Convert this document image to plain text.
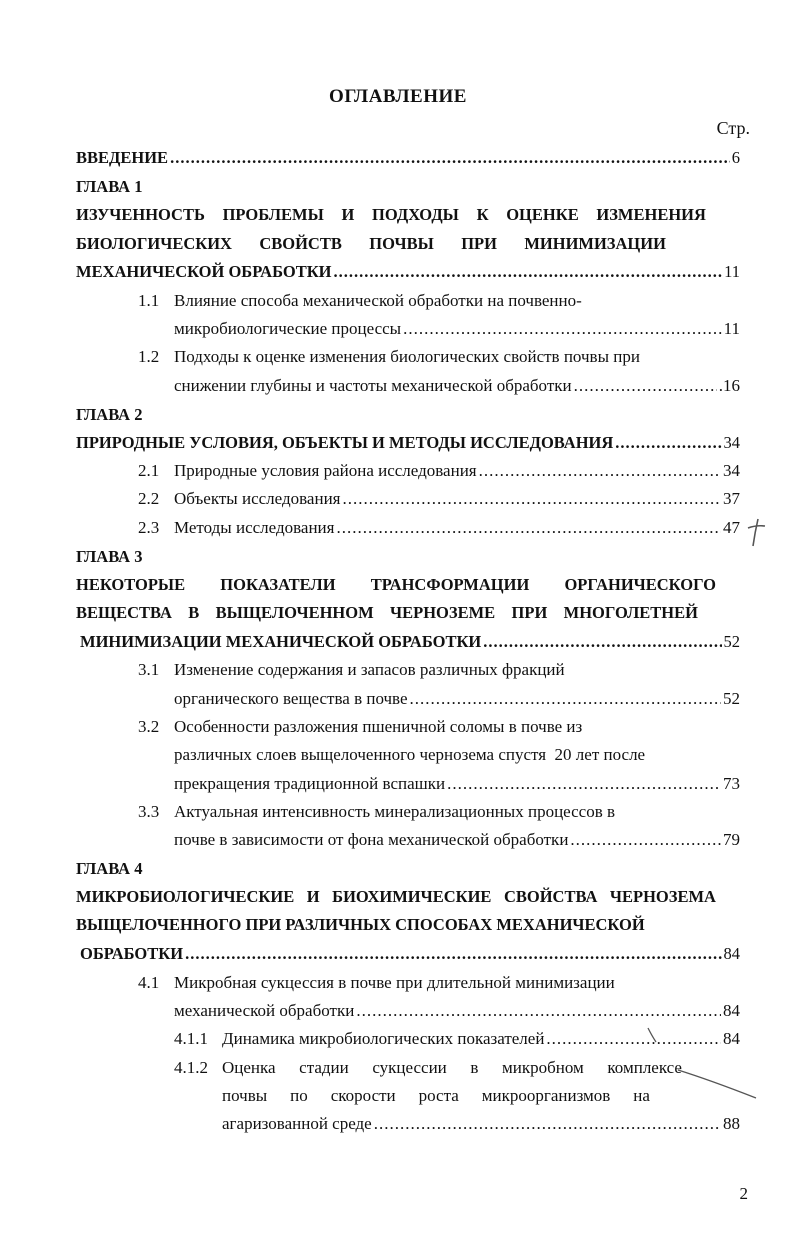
ОГЛАВЛЕНИЕ
Стр.
ВВЕДЕНИЕ .....	6
ГЛАВА 1
ИЗУЧЕННОСТЬ ПРОБЛЕМЫ И ПОДХОДЫ К ОЦЕНКЕ ИЗМЕНЕНИЯ
БИОЛОГИЧЕСКИХ СВОЙСТВ ПОЧВЫ ПРИ МИНИМИЗАЦИИ
МЕХАНИЧЕСКОЙ ОБРАБОТКИ .....	11
1.1 Влияние способа механической обработки на почвенно-
микробиологические процессы .....	11
1.2 Подходы к оценке изменения биологических свойств почвы при
снижении глубины и частоты механической обработки .....	.16
ГЛАВА 2
ПРИРОДНЫЕ УСЛОВИЯ, ОБЪЕКТЫ И МЕТОДЫ ИССЛЕДОВАНИЯ .....	34
2.1 Природные условия района исследования .....	34
2.2 Объекты исследования .....	37
2.3 Методы исследования .....	47
ГЛАВА 3
НЕКОТОРЫЕ ПОКАЗАТЕЛИ ТРАНСФОРМАЦИИ ОРГАНИЧЕСКОГО
ВЕЩЕСТВА В ВЫЩЕЛОЧЕННОМ ЧЕРНОЗЕМЕ ПРИ МНОГОЛЕТНЕЙ
МИНИМИЗАЦИИ МЕХАНИЧЕСКОЙ ОБРАБОТКИ .....	52
3.1 Изменение содержания и запасов различных фракций
органического вещества в почве .....	52
3.2 Особенности разложения пшеничной соломы в почве из
различных слоев выщелоченного чернозема спустя  20 лет после
прекращения традиционной вспашки .....	73
3.3 Актуальная интенсивность минерализационных процессов в
почве в зависимости от фона механической обработки .....	79
ГЛАВА 4
МИКРОБИОЛОГИЧЕСКИЕ И БИОХИМИЧЕСКИЕ СВОЙСТВА ЧЕРНОЗЕМА
ВЫЩЕЛОЧЕННОГО ПРИ РАЗЛИЧНЫХ СПОСОБАХ МЕХАНИЧЕСКОЙ
ОБРАБОТКИ .....	84
4.1 Микробная сукцессия в почве при длительной минимизации
механической обработки .....	84
4.1.1 Динамика микробиологических показателей .....	84
4.1.2 Оценка стадии сукцессии в микробном комплексе
почвы по скорости роста микроорганизмов на
агаризованной среде .....	88
2
